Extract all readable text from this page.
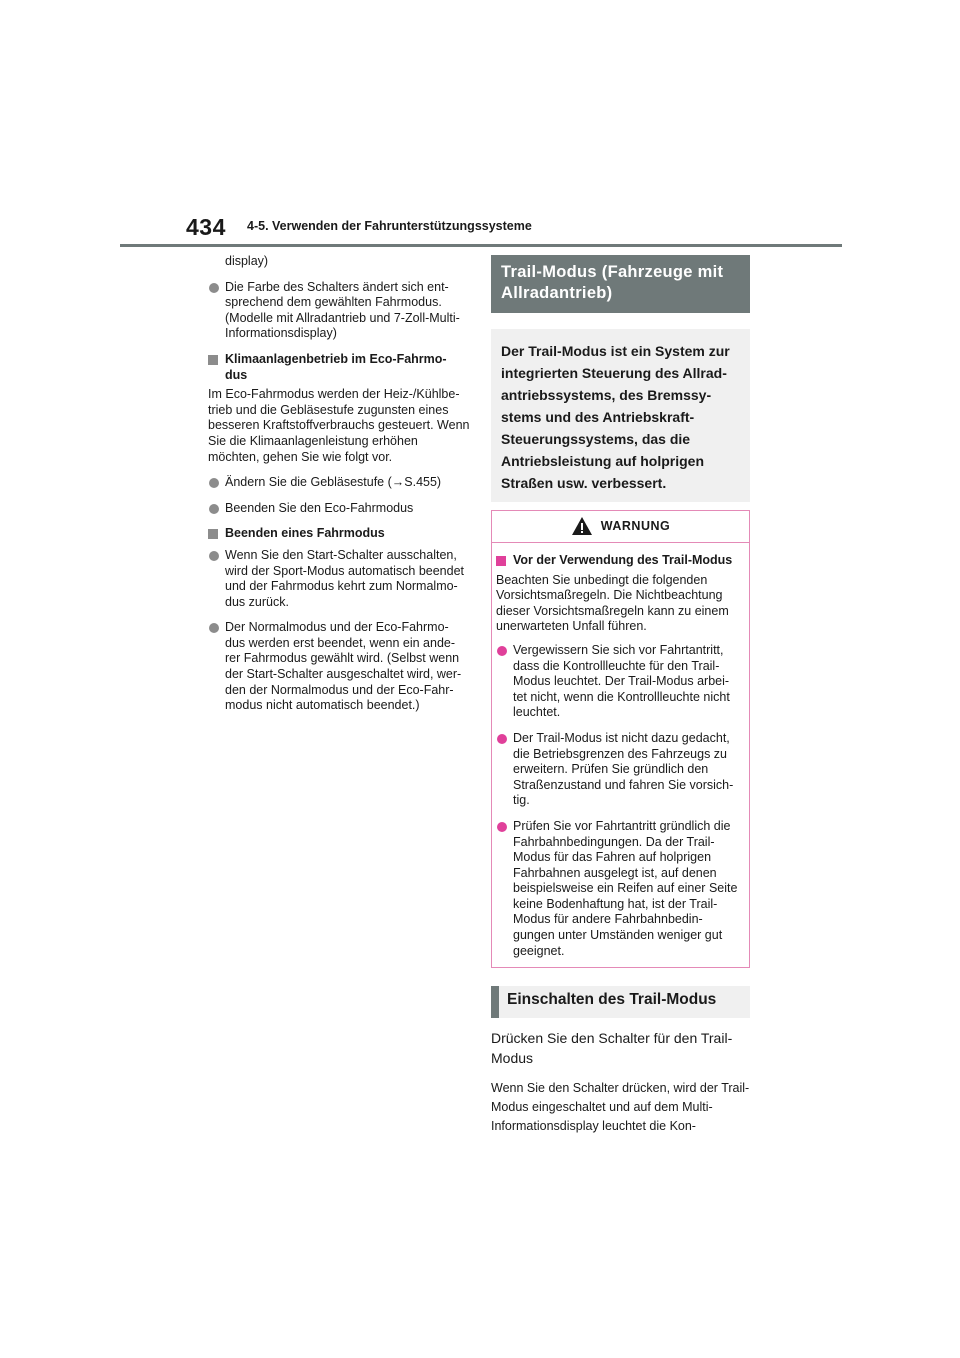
434 4-5. Verwenden der Fahrunterstützungssysteme

display)

Die Farbe des Schalters ändert sich ent- sprechend dem gewählten Fahrmodus. (Modelle mit Allradantrieb und 7-Zoll-Multi- Informationsdisplay)
Klimaanlagenbetrieb im Eco-Fahrmo- dus

Im Eco-Fahrmodus werden der Heiz-/Kühlbe- trieb und die Gebläsestufe zugunsten eines besseren Kraftstoffverbrauchs gesteuert. Wenn Sie die Klimaanlagenleistung erhöhen möchten, gehen Sie wie folgt vor.

Ändern Sie die Gebläsestufe (→S.455)
Beenden Sie den Eco-Fahrmodus
Beenden eines Fahrmodus
Wenn Sie den Start-Schalter ausschalten, wird der Sport-Modus automatisch beendet und der Fahrmodus kehrt zum Normalmo- dus zurück.
Der Normalmodus und der Eco-Fahrmo- dus werden erst beendet, wenn ein ande- rer Fahrmodus gewählt wird. (Selbst wenn der Start-Schalter ausgeschaltet wird, wer- den der Normalmodus und der Eco-Fahr- modus nicht automatisch beendet.)
Trail-Modus (Fahrzeuge mit Allradantrieb)
Der Trail-Modus ist ein System zur integrierten Steuerung des Allrad- antriebssystems, des Bremssy- stems und des Antriebskraft- Steuerungssystems, das die Antriebsleistung auf holprigen Straßen usw. verbessert.
WARNUNG
Vor der Verwendung des Trail-Modus

Beachten Sie unbedingt die folgenden Vorsichtsmaßregeln. Die Nichtbeachtung dieser Vorsichtsmaßregeln kann zu einem unerwarteten Unfall führen.

Vergewissern Sie sich vor Fahrtantritt, dass die Kontrollleuchte für den Trail- Modus leuchtet. Der Trail-Modus arbei- tet nicht, wenn die Kontrollleuchte nicht leuchtet.
Der Trail-Modus ist nicht dazu gedacht, die Betriebsgrenzen des Fahrzeugs zu erweitern. Prüfen Sie gründlich den Straßenzustand und fahren Sie vorsich- tig.
Prüfen Sie vor Fahrtantritt gründlich die Fahrbahnbedingungen. Da der Trail- Modus für das Fahren auf holprigen Fahrbahnen ausgelegt ist, auf denen beispielsweise ein Reifen auf einer Seite keine Bodenhaftung hat, ist der Trail-Modus für andere Fahrbahnbedin- gungen unter Umständen weniger gut geeignet.
Einschalten des Trail-Modus
Drücken Sie den Schalter für den Trail- Modus
Wenn Sie den Schalter drücken, wird der Trail-Modus eingeschaltet und auf dem Multi-Informationsdisplay leuchtet die Kon-
